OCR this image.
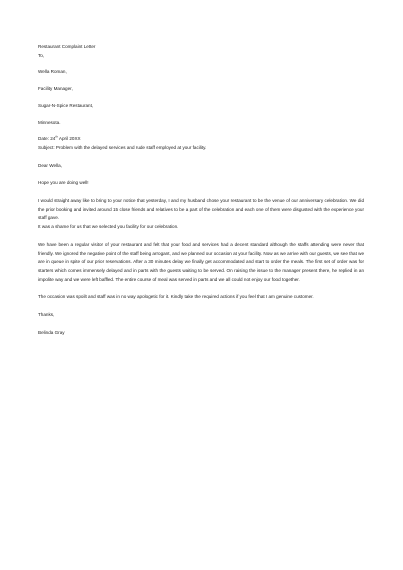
Restaurant Complaint Letter

To,

Wella Roman,

Facility Manager,

Sugar-N-Spice Restaurant,

Minnesota.

Date: 24th April 20XX

Subject: Problem with the delayed services and rude staff employed at your facility.

Dear Wella,

Hope you are doing well!

I would straight away like to bring to your notice that yesterday, I and my husband chose your restaurant to be the venue of our anniversary celebration. We did the prior booking and invited around 15 close friends and relatives to be a part of the celebration and each one of them were disgusted with the experience your staff gave.

It was a shame for us that we selected you facility for our celebration.

We have been a regular visitor of your restaurant and felt that your food and services had a decent standard although the staffs attending were never that friendly. We ignored the negative point of the staff being arrogant, and we planned our occasion at your facility. Now as we arrive with our guests, we see that we are in queue in spite of our prior reservations. After a 30 minutes delay we finally get accommodated and start to order the meals. The first set of order was for starters which comes immensely delayed and in parts with the guests waiting to be served. On raising the issue to the manager present there, he replied in an impolite way and we were left baffled. The entire course of meal was served in parts and we all could not enjoy our food together.

The occasion was spoilt and staff was in no way apologetic for it. Kindly take the required actions if you feel that I am genuine customer.

Thanks,

Belinda Gray
